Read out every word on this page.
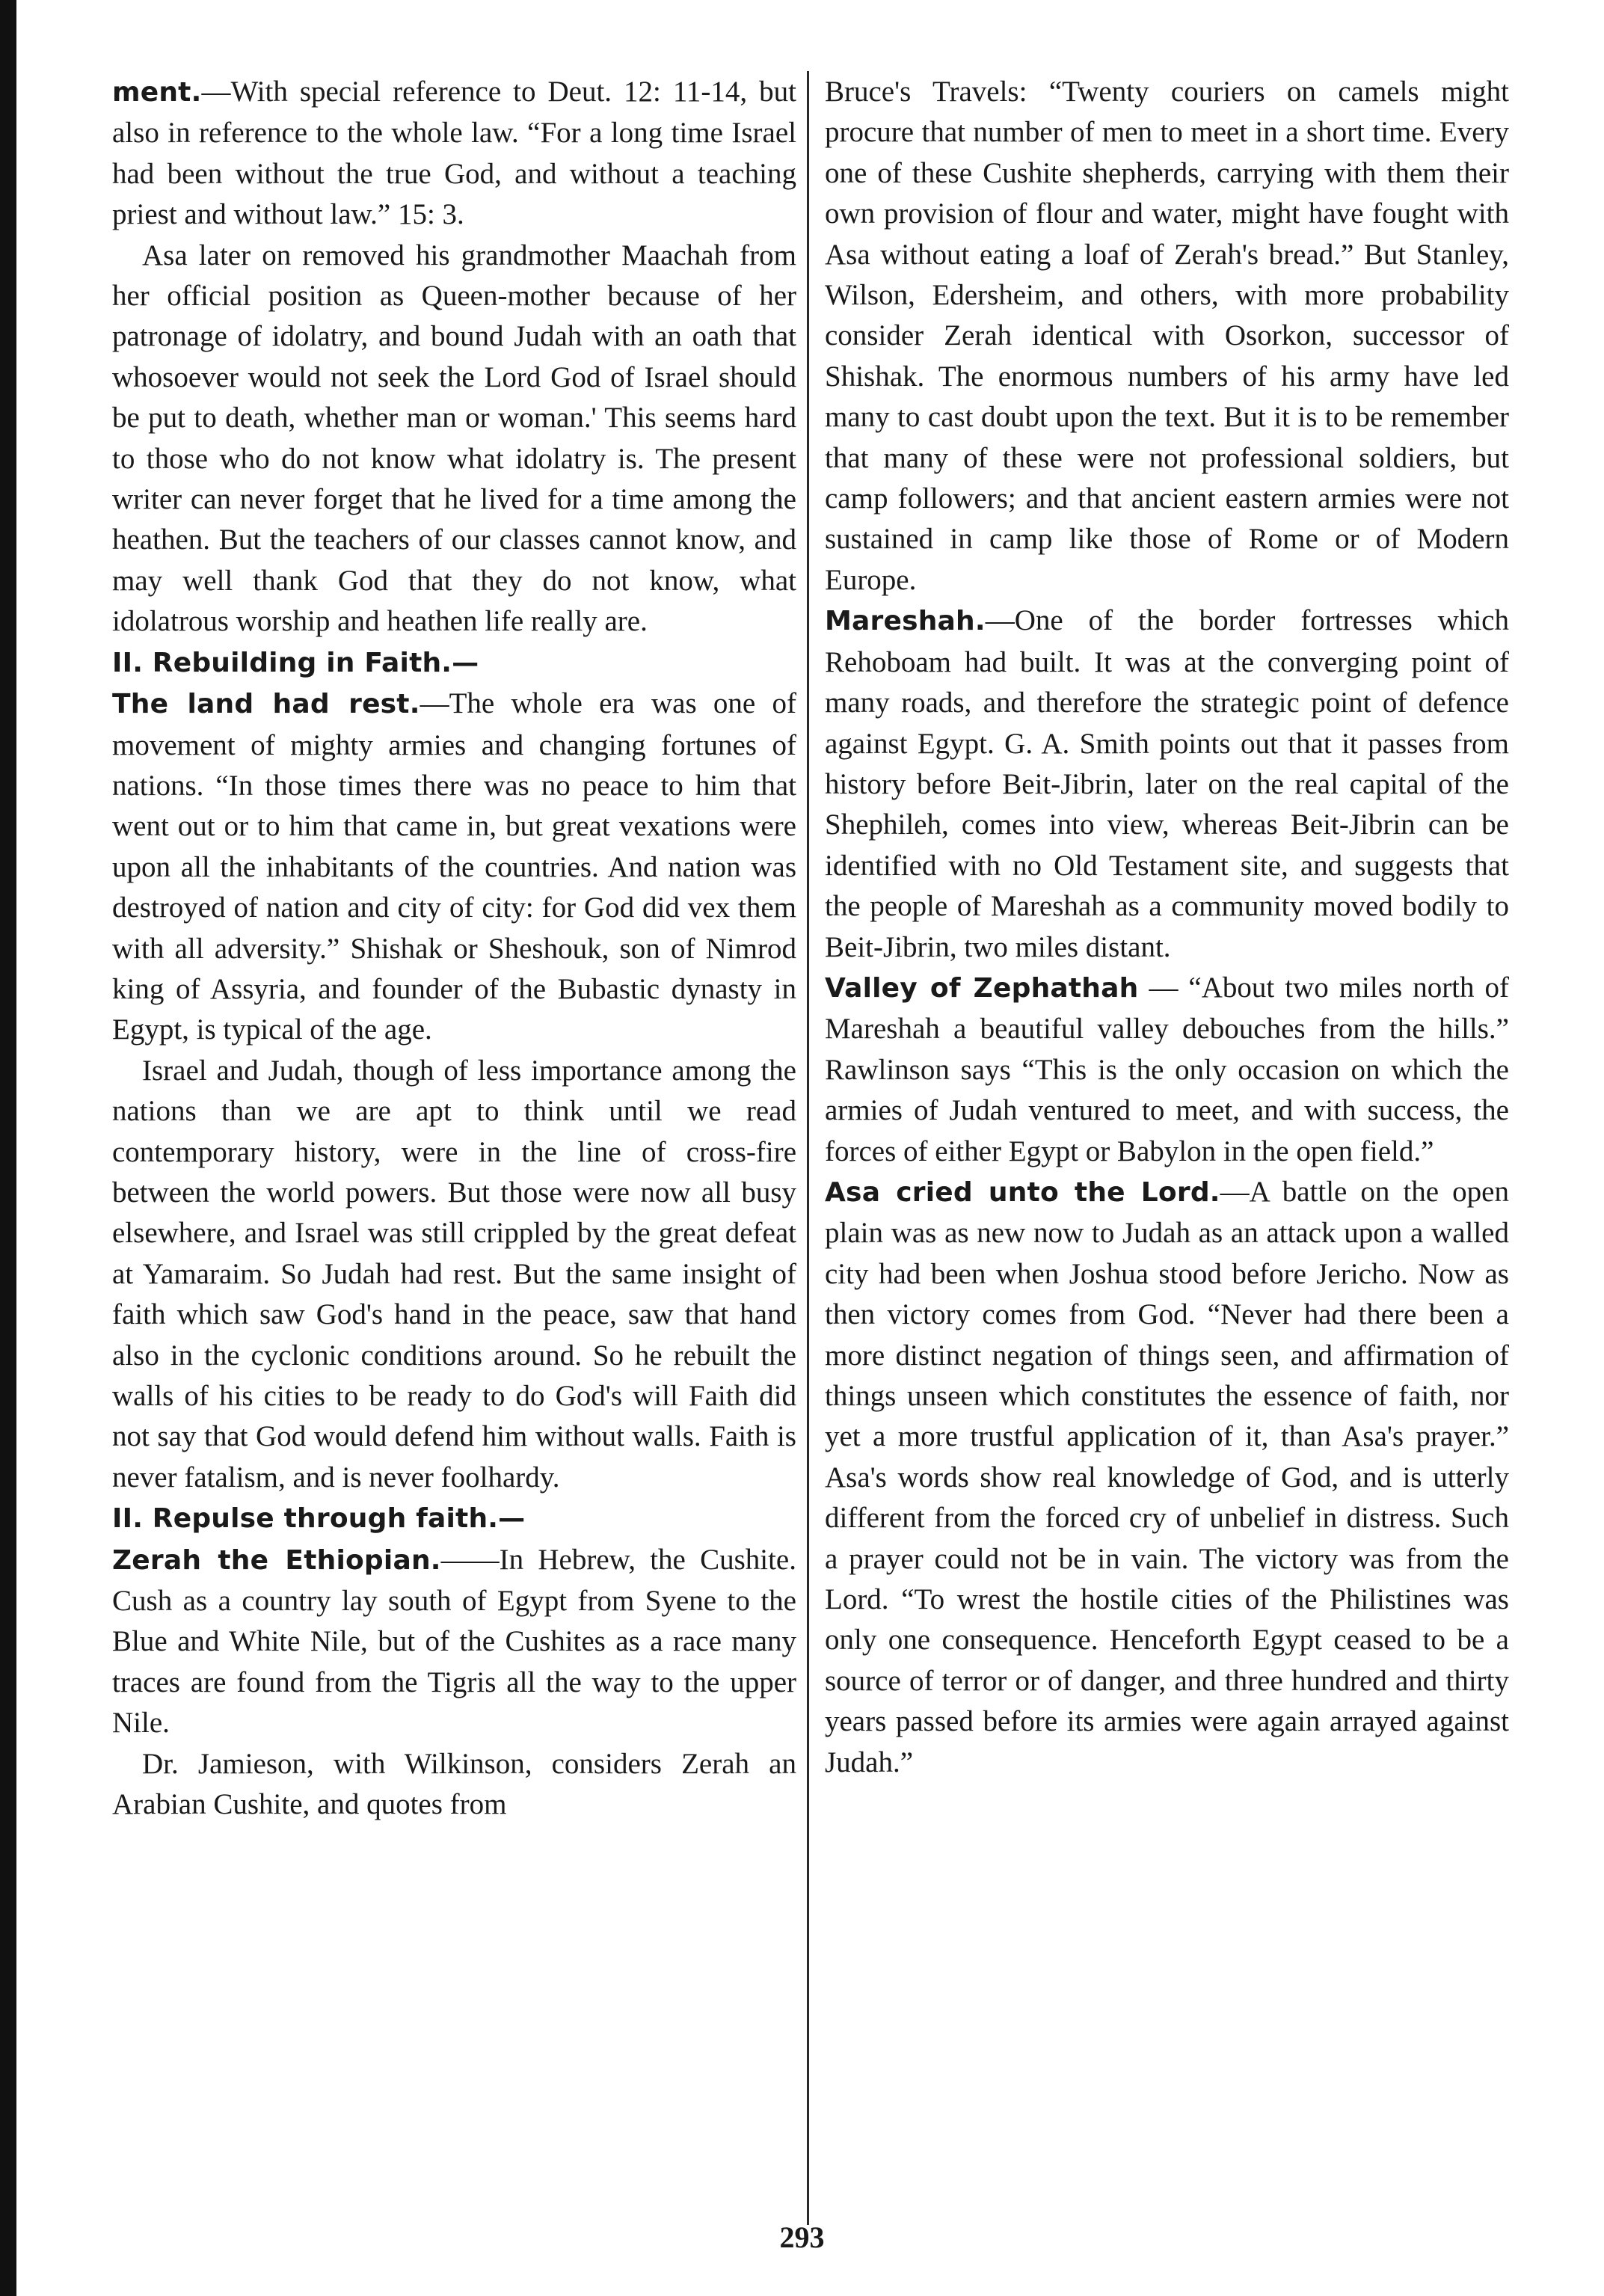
ment.—With special reference to Deut. 12: 11-14, but also in reference to the whole law. “For a long time Israel had been without the true God, and without a teaching priest and without law.” 15: 3.

Asa later on removed his grandmother Maachah from her official position as Queen-mother because of her patronage of idolatry, and bound Judah with an oath that whosoever would not seek the Lord God of Israel should be put to death, whether man or woman.' This seems hard to those who do not know what idolatry is. The present writer can never forget that he lived for a time among the heathen. But the teachers of our classes cannot know, and may well thank God that they do not know, what idolatrous worship and heathen life really are.

II. Rebuilding in Faith.—

The land had rest.—The whole era was one of movement of mighty armies and changing fortunes of nations. “In those times there was no peace to him that went out or to him that came in, but great vexations were upon all the inhabitants of the countries. And nation was destroyed of nation and city of city: for God did vex them with all adversity.” Shishak or Sheshouk, son of Nimrod king of Assyria, and founder of the Bubastic dynasty in Egypt, is typical of the age.

Israel and Judah, though of less importance among the nations than we are apt to think until we read contemporary history, were in the line of cross-fire between the world powers. But those were now all busy elsewhere, and Israel was still crippled by the great defeat at Yamaraim. So Judah had rest. But the same insight of faith which saw God's hand in the peace, saw that hand also in the cyclonic conditions around. So he rebuilt the walls of his cities to be ready to do God's will Faith did not say that God would defend him without walls. Faith is never fatalism, and is never foolhardy.

II. Repulse through faith.—

Zerah the Ethiopian.——In Hebrew, the Cushite. Cush as a country lay south of Egypt from Syene to the Blue and White Nile, but of the Cushites as a race many traces are found from the Tigris all the way to the upper Nile.

Dr. Jamieson, with Wilkinson, considers Zerah an Arabian Cushite, and quotes from

Bruce's Travels: “Twenty couriers on camels might procure that number of men to meet in a short time. Every one of these Cushite shepherds, carrying with them their own provision of flour and water, might have fought with Asa without eating a loaf of Zerah's bread.” But Stanley, Wilson, Edersheim, and others, with more probability consider Zerah identical with Osorkon, successor of Shishak. The enormous numbers of his army have led many to cast doubt upon the text. But it is to be remember that many of these were not professional soldiers, but camp followers; and that ancient eastern armies were not sustained in camp like those of Rome or of Modern Europe.

Mareshah.—One of the border fortresses which Rehoboam had built. It was at the converging point of many roads, and therefore the strategic point of defence against Egypt. G. A. Smith points out that it passes from history before Beit-Jibrin, later on the real capital of the Shephileh, comes into view, whereas Beit-Jibrin can be identified with no Old Testament site, and suggests that the people of Mareshah as a community moved bodily to Beit-Jibrin, two miles distant.

Valley of Zephathah — “About two miles north of Mareshah a beautiful valley debouches from the hills.” Rawlinson says “This is the only occasion on which the armies of Judah ventured to meet, and with success, the forces of either Egypt or Babylon in the open field.”

Asa cried unto the Lord.—A battle on the open plain was as new now to Judah as an attack upon a walled city had been when Joshua stood before Jericho. Now as then victory comes from God. “Never had there been a more distinct negation of things seen, and affirmation of things unseen which constitutes the essence of faith, nor yet a more trustful application of it, than Asa's prayer.” Asa's words show real knowledge of God, and is utterly different from the forced cry of unbelief in distress. Such a prayer could not be in vain. The victory was from the Lord. “To wrest the hostile cities of the Philistines was only one consequence. Henceforth Egypt ceased to be a source of terror or of danger, and three hundred and thirty years passed before its armies were again arrayed against Judah.”

293
